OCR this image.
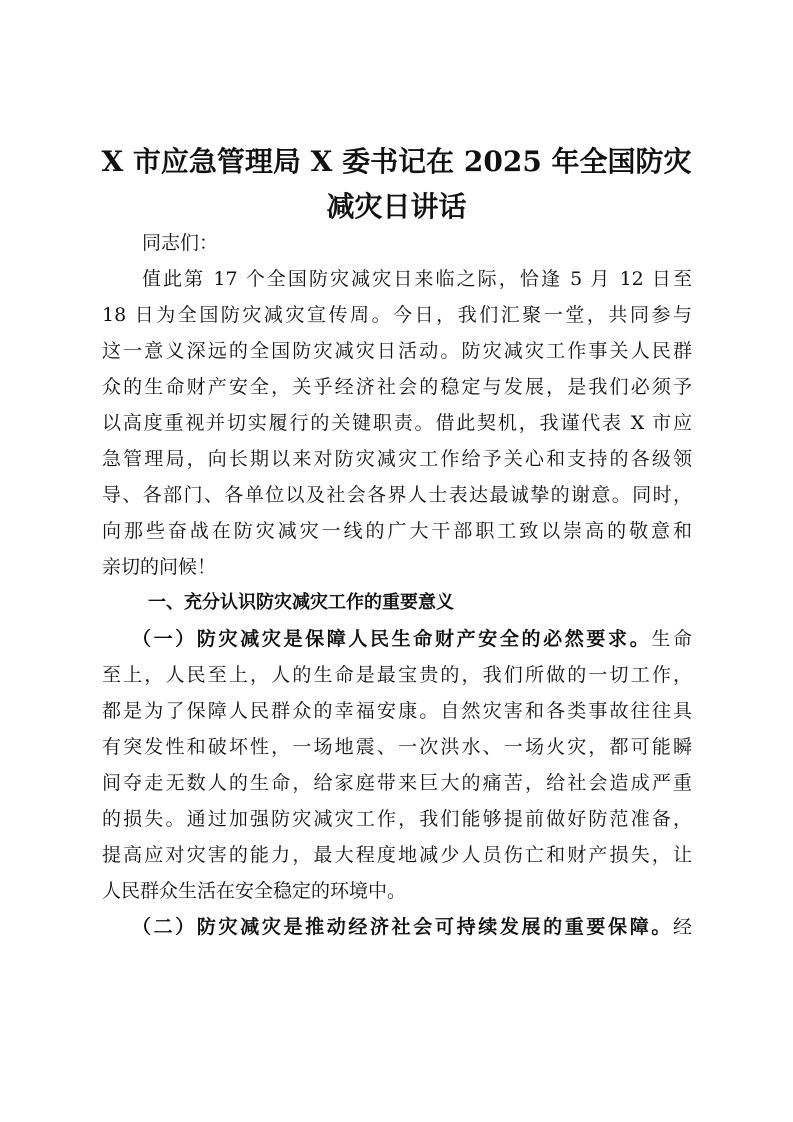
X 市应急管理局 X 委书记在 2025 年全国防灾
减灾日讲话
同志们：
值此第 17 个全国防灾减灾日来临之际，恰逢 5 月 12 日至
18 日为全国防灾减灾宣传周。今日，我们汇聚一堂，共同参与
这一意义深远的全国防灾减灾日活动。防灾减灾工作事关人民群
众的生命财产安全，关乎经济社会的稳定与发展，是我们必须予
以高度重视并切实履行的关键职责。借此契机，我谨代表 X 市应
急管理局，向长期以来对防灾减灾工作给予关心和支持的各级领
导、各部门、各单位以及社会各界人士表达最诚挚的谢意。同时，
向那些奋战在防灾减灾一线的广大干部职工致以崇高的敬意和
亲切的问候！
一、充分认识防灾减灾工作的重要意义
（一）防灾减灾是保障人民生命财产安全的必然要求。生命
至上，人民至上，人的生命是最宝贵的，我们所做的一切工作，
都是为了保障人民群众的幸福安康。自然灾害和各类事故往往具
有突发性和破坏性，一场地震、一次洪水、一场火灾，都可能瞬
间夺走无数人的生命，给家庭带来巨大的痛苦，给社会造成严重
的损失。通过加强防灾减灾工作，我们能够提前做好防范准备，
提高应对灾害的能力，最大程度地减少人员伤亡和财产损失，让
人民群众生活在安全稳定的环境中。
（二）防灾减灾是推动经济社会可持续发展的重要保障。经
